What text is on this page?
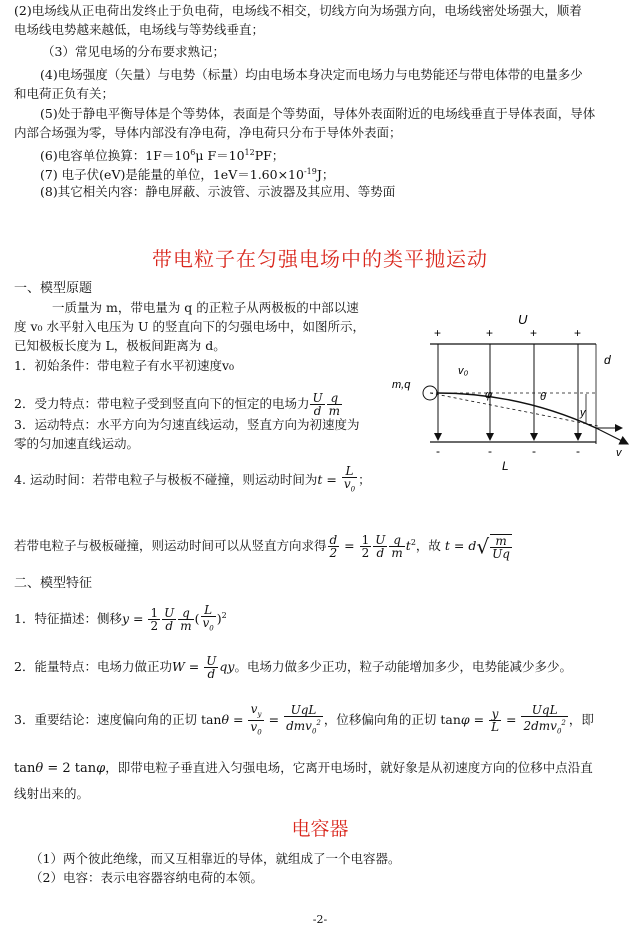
(2)电场线从正电荷出发终止于负电荷，电场线不相交，切线方向为场强方向，电场线密处场强大，顺着
电场线电势越来越低，电场线与等势线垂直；
（3）常见电场的分布要求熟记；
(4)电场强度（矢量）与电势（标量）均由电场本身决定而电场力与电势能还与带电体带的电量多少
和电荷正负有关；
(5)处于静电平衡导体是个等势体，表面是个等势面，导体外表面附近的电场线垂直于导体表面，导体
内部合场强为零，导体内部没有净电荷，净电荷只分布于导体外表面；
(6)电容单位换算：$1F=10^6\mu$ $F=10^{12}PF$；
(7) 电子伏(eV)是能量的单位，$1eV=1.60\times 10^{-19}J$；
(8)其它相关内容：静电屏蔽、示波管、示波器及其应用、等势面
带电粒子在匀强电场中的类平抛运动
一、模型原题
一质量为 m，带电量为 q 的正粒子从两极板的中部以速
度 v₀ 水平射入电压为 U 的竖直向下的匀强电场中，如图所示，
已知极板长度为 L，极板间距离为 d。
1．初始条件：带电粒子有水平初速度v₀
2．受力特点：带电粒子受到竖直向下的恒定的电场力 $\frac{U}{d} \frac{q}{m}$
3．运动特点：水平方向为匀速直线运动，竖直方向为初速度为
零的匀加速直线运动。
4. 运动时间：若带电粒子与极板不碰撞，则运动时间为$t = \frac{L}{v_0}$ ；
若带电粒子与极板碰撞，则运动时间可以从竖直方向求得 $\frac{d}{2} = \frac{1}{2} \frac{U}{d} \frac{q}{m} t^2$，故 $t = d√ \frac{m}{Uq}$
U
+	+	+	+
v₀
m,q
φ	θ
y
d
v
-	-	-	-
L
二、模型特征
1．特征描述：侧移$y = \frac{1}{2} \frac{U}{d} \frac{q}{m}$ ( $\frac{L}{v_0} )^2$
2．能量特点：电场力做正功$W = \frac{U}{d}$ qy。电场力做多少正功，粒子动能增加多少，电势能减少多少。
3．重要结论：速度偏向角的正切 $\tan\theta = \frac{v_y}{v_0} = \frac{\text{UqL}}{dmv_0^2}$ ，位移偏向角的正切 $\tan\varphi = \frac{y}{L} = \frac{\text{UqL}}{2dmv_0^2}$ ，即
tanθ = 2 tanφ，即带电粒子垂直进入匀强电场，它离开电场时，就好象是从初速度方向的位移中点沿直
线射出来的。
电容器
（1）两个彼此绝缘，而又互相靠近的导体，就组成了一个电容器。
（2）电容：表示电容器容纳电荷的本领。
-2-
